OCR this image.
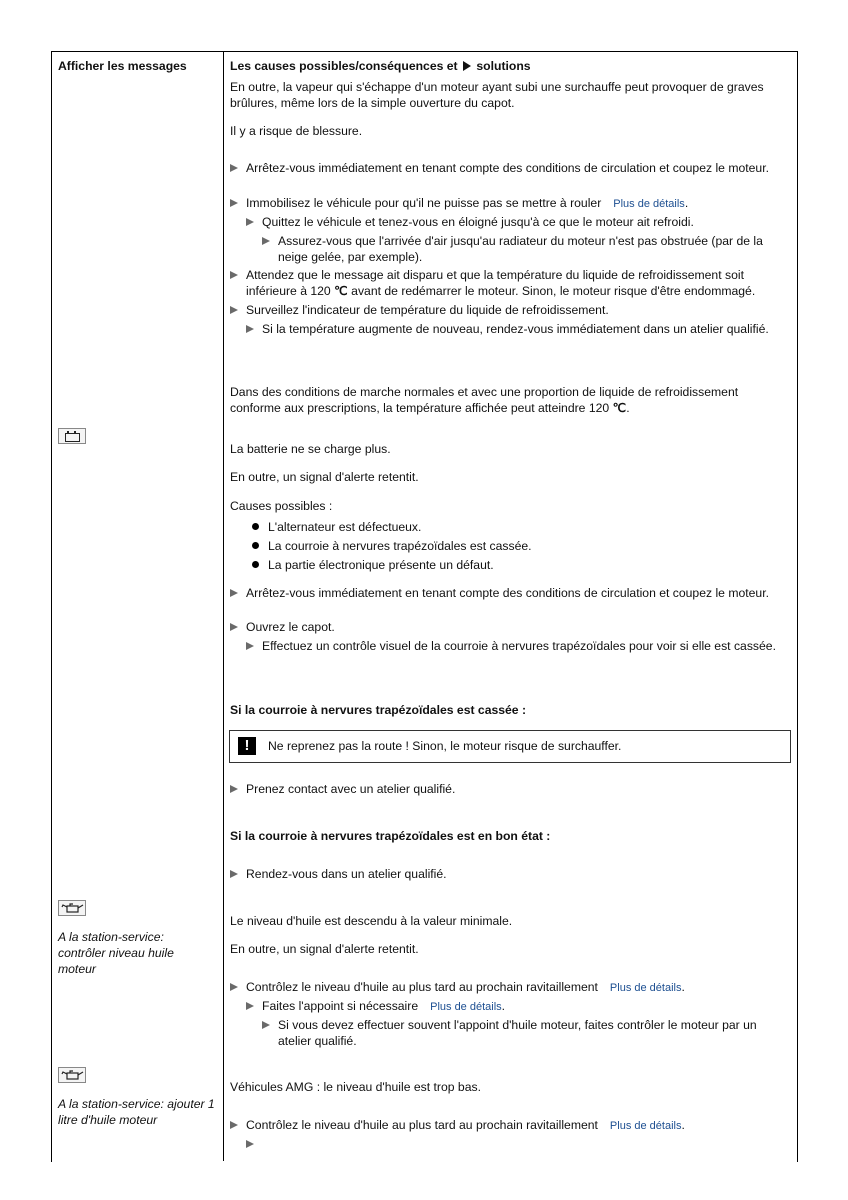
Afficher les messages	Les causes possibles/conséquences et solutions
En outre, la vapeur qui s'échappe d'un moteur ayant subi une surchauffe peut provoquer de graves brûlures, même lors de la simple ouverture du capot.
Il y a risque de blessure.
Arrêtez-vous immédiatement en tenant compte des conditions de circulation et coupez le moteur.
Immobilisez le véhicule pour qu'il ne puisse pas se mettre à rouler Plus de détails.
Quittez le véhicule et tenez-vous en éloigné jusqu'à ce que le moteur ait refroidi.
Assurez-vous que l'arrivée d'air jusqu'au radiateur du moteur n'est pas obstruée (par de la neige gelée, par exemple).
Attendez que le message ait disparu et que la température du liquide de refroidissement soit inférieure à 120 ℃ avant de redémarrer le moteur. Sinon, le moteur risque d'être endommagé.
Surveillez l'indicateur de température du liquide de refroidissement.
Si la température augmente de nouveau, rendez-vous immédiatement dans un atelier qualifié.
Dans des conditions de marche normales et avec une proportion de liquide de refroidissement conforme aux prescriptions, la température affichée peut atteindre 120 ℃.
La batterie ne se charge plus.
En outre, un signal d'alerte retentit.
Causes possibles :
L'alternateur est défectueux.
La courroie à nervures trapézoïdales est cassée.
La partie électronique présente un défaut.
Arrêtez-vous immédiatement en tenant compte des conditions de circulation et coupez le moteur.
Ouvrez le capot.
Effectuez un contrôle visuel de la courroie à nervures trapézoïdales pour voir si elle est cassée.
Si la courroie à nervures trapézoïdales est cassée :
!	Ne reprenez pas la route ! Sinon, le moteur risque de surchauffer.
Prenez contact avec un atelier qualifié.
Si la courroie à nervures trapézoïdales est en bon état :
Rendez-vous dans un atelier qualifié.
A la station-service: contrôler niveau huile moteur
Le niveau d'huile est descendu à la valeur minimale.
En outre, un signal d'alerte retentit.
Contrôlez le niveau d'huile au plus tard au prochain ravitaillement Plus de détails.
Faites l'appoint si nécessaire Plus de détails.
Si vous devez effectuer souvent l'appoint d'huile moteur, faites contrôler le moteur par un atelier qualifié.
A la station-service: ajouter 1 litre d'huile moteur
Véhicules AMG : le niveau d'huile est trop bas.
Contrôlez le niveau d'huile au plus tard au prochain ravitaillement Plus de détails.
